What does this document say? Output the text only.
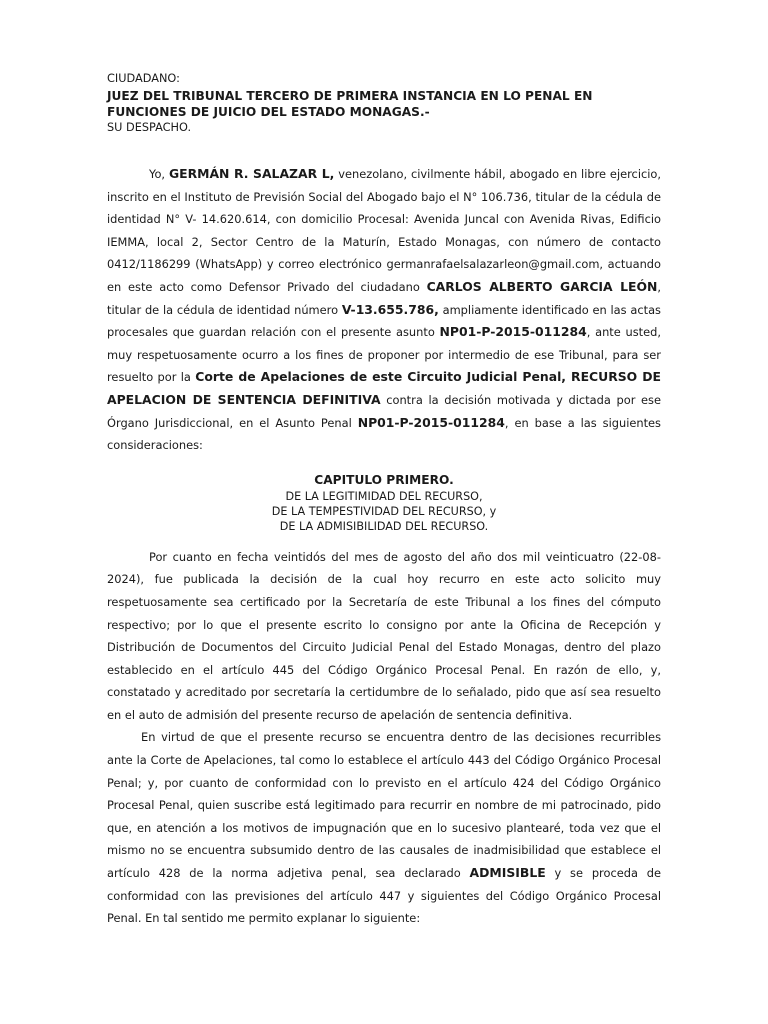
CIUDADANO:
JUEZ DEL TRIBUNAL TERCERO DE PRIMERA INSTANCIA EN LO PENAL EN FUNCIONES DE JUICIO DEL ESTADO MONAGAS.-
SU DESPACHO.

Yo, GERMÁN R. SALAZAR L, venezolano, civilmente hábil, abogado en libre ejercicio, inscrito en el Instituto de Previsión Social del Abogado bajo el N° 106.736, titular de la cédula de identidad N° V- 14.620.614, con domicilio Procesal: Avenida Juncal con Avenida Rivas, Edificio IEMMA, local 2, Sector Centro de la Maturín, Estado Monagas, con número de contacto 0412/1186299 (WhatsApp) y correo electrónico germanrafaelsalazarleon@gmail.com, actuando en este acto como Defensor Privado del ciudadano CARLOS ALBERTO GARCIA LEÓN, titular de la cédula de identidad número V-13.655.786, ampliamente identificado en las actas procesales que guardan relación con el presente asunto NP01-P-2015-011284, ante usted, muy respetuosamente ocurro a los fines de proponer por intermedio de ese Tribunal, para ser resuelto por la Corte de Apelaciones de este Circuito Judicial Penal, RECURSO DE APELACION DE SENTENCIA DEFINITIVA contra la decisión motivada y dictada por ese Órgano Jurisdiccional, en el Asunto Penal NP01-P-2015-011284, en base a las siguientes consideraciones:

CAPITULO PRIMERO.
DE LA LEGITIMIDAD DEL RECURSO,
DE LA TEMPESTIVIDAD DEL RECURSO, y
DE LA ADMISIBILIDAD DEL RECURSO.

Por cuanto en fecha veintidós del mes de agosto del año dos mil veinticuatro (22-08-2024), fue publicada la decisión de la cual hoy recurro en este acto solicito muy respetuosamente sea certificado por la Secretaría de este Tribunal a los fines del cómputo respectivo; por lo que el presente escrito lo consigno por ante la Oficina de Recepción y Distribución de Documentos del Circuito Judicial Penal del Estado Monagas, dentro del plazo establecido en el artículo 445 del Código Orgánico Procesal Penal. En razón de ello, y, constatado y acreditado por secretaría la certidumbre de lo señalado, pido que así sea resuelto en el auto de admisión del presente recurso de apelación de sentencia definitiva.

En virtud de que el presente recurso se encuentra dentro de las decisiones recurribles ante la Corte de Apelaciones, tal como lo establece el artículo 443 del Código Orgánico Procesal Penal; y, por cuanto de conformidad con lo previsto en el artículo 424 del Código Orgánico Procesal Penal, quien suscribe está legitimado para recurrir en nombre de mi patrocinado, pido que, en atención a los motivos de impugnación que en lo sucesivo plantearé, toda vez que el mismo no se encuentra subsumido dentro de las causales de inadmisibilidad que establece el artículo 428 de la norma adjetiva penal, sea declarado ADMISIBLE y se proceda de conformidad con las previsiones del artículo 447 y siguientes del Código Orgánico Procesal Penal. En tal sentido me permito explanar lo siguiente:
